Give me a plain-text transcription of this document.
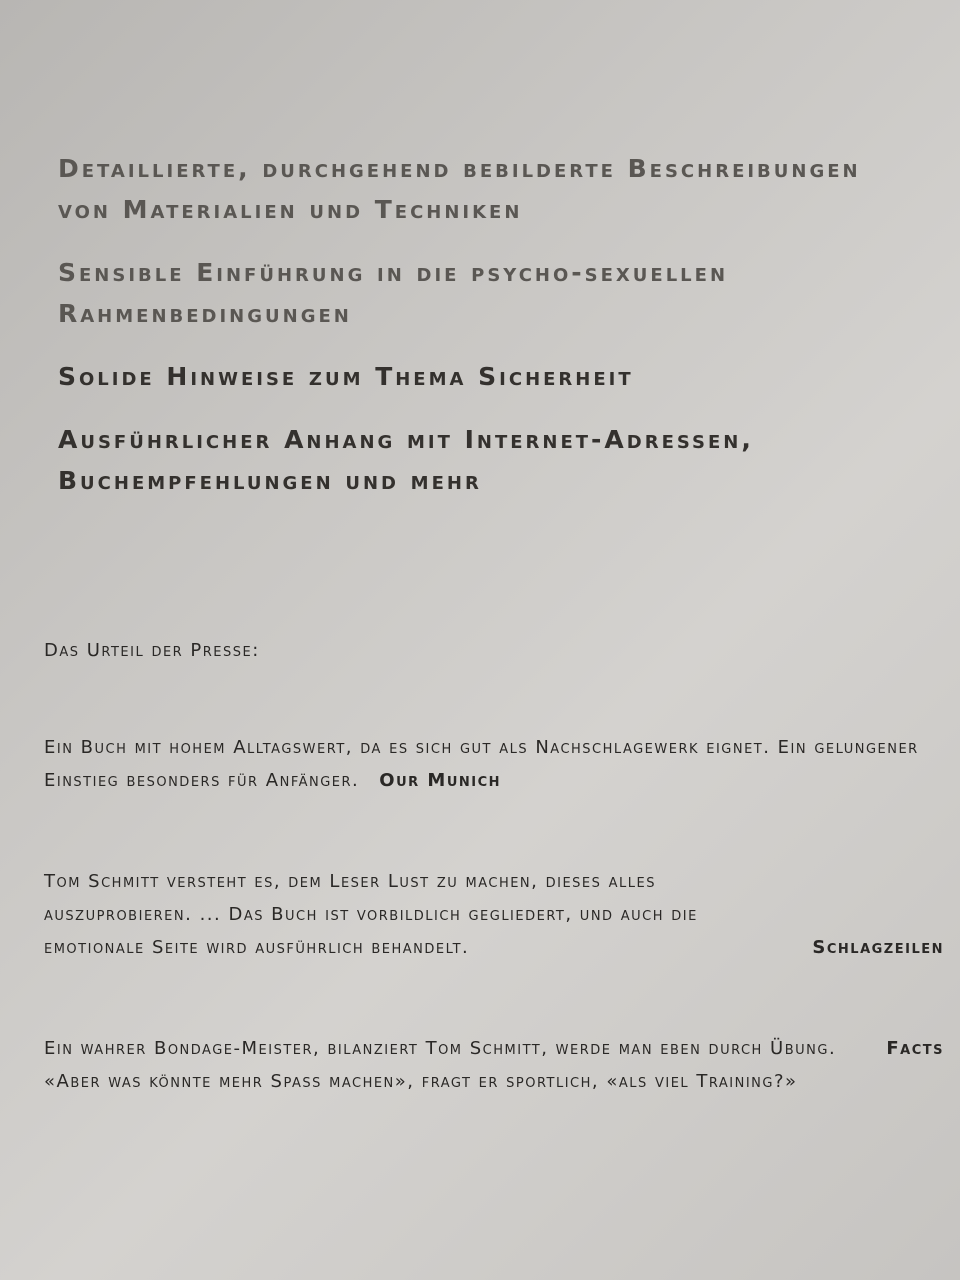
Detaillierte, durchgehend bebilderte Beschreibungen von Materialien und Techniken

Sensible Einführung in die psycho-sexuellen Rahmenbedingungen

Solide Hinweise zum Thema Sicherheit

Ausführlicher Anhang mit Internet-Adressen, Buchempfehlungen und mehr

Das Urteil der Presse:

Ein Buch mit hohem Alltagswert, da es sich gut als Nachschlagewerk eignet. Ein gelungener Einstieg besonders für Anfänger. Our Munich
Tom Schmitt versteht es, dem Leser Lust zu machen, dieses alles auszuprobieren. ... Das Buch ist vorbildlich gegliedert, und auch die emotionale Seite wird ausführlich behandelt.	Schlagzeilen
Ein wahrer Bondage-Meister, bilanziert Tom Schmitt, werde man eben durch Übung. «Aber was könnte mehr Spass machen», fragt er sportlich, «als viel Training?»
Facts
